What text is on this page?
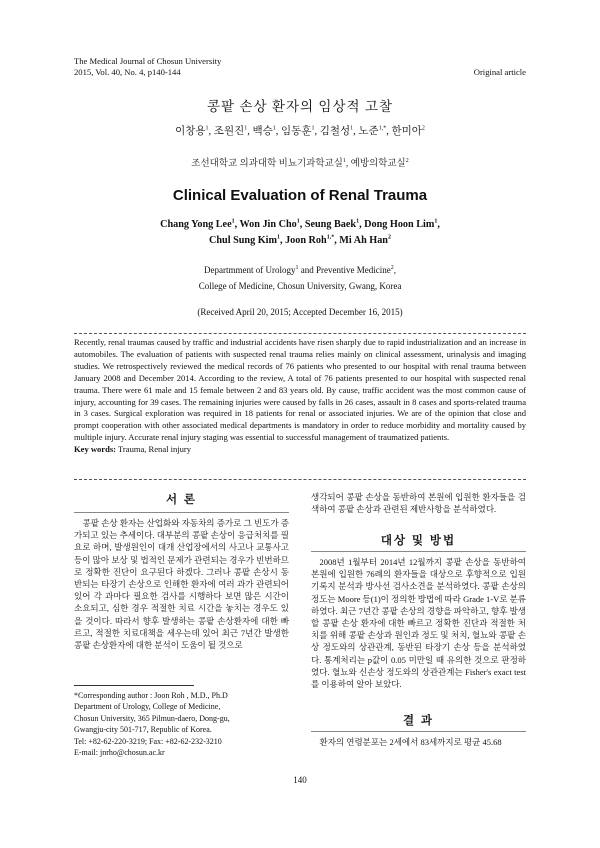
The Medical Journal of Chosun University
2015, Vol. 40, No. 4, p140-144	Original article
콩팥 손상 환자의 임상적 고찰
이창용$^1$, 조원진$^1$, 백승$^1$, 임동훈$^1$, 김철성$^1$, 노준$^{1,*}$, 한미아$^2$
조선대학교 의과대학 비뇨기과학교실$^1$, 예방의학교실$^2$
Clinical Evaluation of Renal Trauma
Chang Yong Lee$^1$, Won Jin Cho$^1$, Seung Baek$^1$, Dong Hoon Lim$^1$,
Chul Sung Kim$^1$, Joon Roh$^{1,*}$, Mi Ah Han$^2$
Departmment of Urology$^1$ and Preventive Medicine$^2$,
College of Medicine, Chosun University, Gwang, Korea
(Received April 20, 2015; Accepted December 16, 2015)
Recently, renal traumas caused by traffic and industrial accidents have risen sharply due to rapid industrialization and an increase in automobiles. The evaluation of patients with suspected renal trauma relies mainly on clinical assessment, urinalysis and imaging studies. We retrospectively reviewed the medical records of 76 patients who presented to our hospital with renal trauma between January 2008 and December 2014. According to the review, A total of 76 patients presented to our hospital with suspected renal trauma. There were 61 male and 15 female between 2 and 83 years old. By cause, traffic accident was the most common cause of injury, accounting for 39 cases. The remaining injuries were caused by falls in 26 cases, assault in 8 cases and sports-related trauma in 3 cases. Surgical exploration was required in 18 patients for renal or associated injuries. We are of the opinion that close and prompt cooperation with other associated medical departments is mandatory in order to reduce morbidity and mortality caused by multiple injury. Accurate renal injury staging was essential to successful management of traumatized patients.
Key words: Trauma, Renal injury
서 론
콩팥 손상 환자는 산업화와 자동차의 증가로 그 빈도가 증가되고 있는 추세이다. 대부분의 콩팥 손상이 응급처치를 필요로 하며, 발생원인이 대개 산업장에서의 사고나 교통사고 등이 많아 보상 및 법적인 문제가 관련되는 경우가 빈번하므로 정확한 진단이 요구된다 하겠다. 그러나 콩팥 손상시 동반되는 타장기 손상으로 인해한 환자에 여러 과가 관련되어 있어 각 과마다 필요한 검사를 시행하다 보면 많은 시간이 소요되고, 심한 경우 적절한 치료 시간을 놓치는 경우도 있을 것이다. 따라서 향후 발생하는 콩팥 손상환자에 대한 빠르고, 적절한 치료대책을 세우는데 있어 최근 7년간 발생한 콩팥 손상환자에 대한 분석이 도움이 될 것으로
*Corresponding author : Joon Roh , M.D., Ph.D
Department of Urology, College of Medicine,
Chosun University, 365 Pilmun-daero, Dong-gu,
Gwangju-city 501-717, Republic of Korea.
Tel: +82-62-220-3219; Fax: +82-62-232-3210
E-mail: jnrho@chosun.ac.kr
생각되어 콩팥 손상을 동반하여 본원에 입원한 환자들을 검색하여 콩팥 손상과 관련된 제반사항을 분석하였다.
대상 및 방법
2008년 1월부터 2014년 12월까지 콩팥 손상을 동반하여 본원에 입원한 76례의 환자들을 대상으로 후향적으로 입원기록지 분석과 방사선 검사소견을 분석하였다. 콩팥 손상의 정도는 Moore 등(1)이 정의한 방법에 따라 Grade 1-V로 분류하였다. 최근 7년간 콩팥 손상의 경향을 파악하고, 향후 발생할 콩팥 손상 환자에 대한 빠르고 정확한 진단과 적절한 처치를 위해 콩팥 손상과 원인과 정도 및 처치, 혈뇨와 콩팥 손상 정도와의 상관관계, 동반된 타장기 손상 등을 분석하였다. 통계처리는 p값이 0.05 미만일 때 유의한 것으로 판정하였다. 혈뇨와 신손상 정도와의 상관관계는 Fisher's exact test를 이용하여 알아 보았다.
결 과
환자의 연령분포는 2세에서 83세까지로 평균 45.68
140
